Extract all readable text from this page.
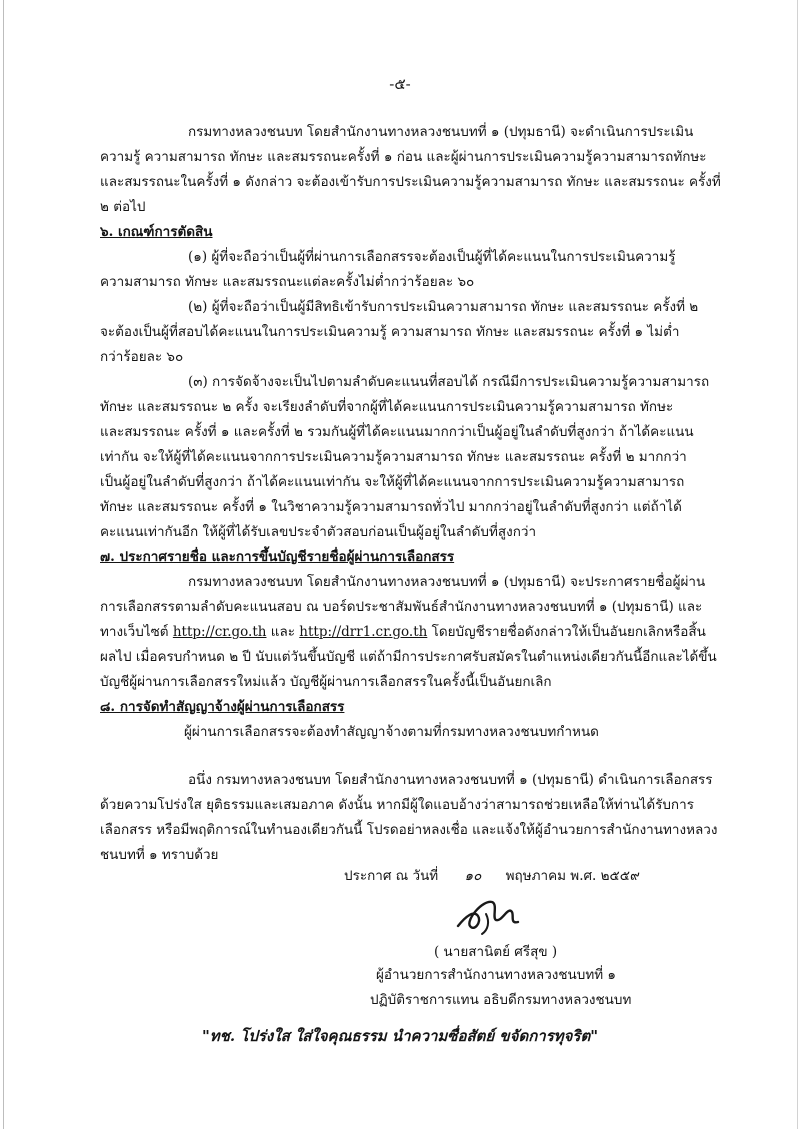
-๕-
กรมทางหลวงชนบท โดยสำนักงานทางหลวงชนบทที่ ๑ (ปทุมธานี) จะดำเนินการประเมิน
ความรู้ ความสามารถ ทักษะ และสมรรถนะครั้งที่ ๑ ก่อน และผู้ผ่านการประเมินความรู้ความสามารถทักษะ
และสมรรถนะในครั้งที่ ๑ ดังกล่าว จะต้องเข้ารับการประเมินความรู้ความสามารถ ทักษะ และสมรรถนะ ครั้งที่
๒ ต่อไป
๖. เกณฑ์การตัดสิน
(๑) ผู้ที่จะถือว่าเป็นผู้ที่ผ่านการเลือกสรรจะต้องเป็นผู้ที่ได้คะแนนในการประเมินความรู้
ความสามารถ ทักษะ และสมรรถนะแต่ละครั้งไม่ต่ำกว่าร้อยละ ๖๐
(๒) ผู้ที่จะถือว่าเป็นผู้มีสิทธิเข้ารับการประเมินความสามารถ ทักษะ และสมรรถนะ ครั้งที่ ๒
จะต้องเป็นผู้ที่สอบได้คะแนนในการประเมินความรู้ ความสามารถ ทักษะ และสมรรถนะ ครั้งที่ ๑ ไม่ต่ำ
กว่าร้อยละ ๖๐
(๓) การจัดจ้างจะเป็นไปตามลำดับคะแนนที่สอบได้ กรณีมีการประเมินความรู้ความสามารถ
ทักษะ และสมรรถนะ ๒ ครั้ง จะเรียงลำดับที่จากผู้ที่ได้คะแนนการประเมินความรู้ความสามารถ ทักษะ
และสมรรถนะ ครั้งที่ ๑ และครั้งที่ ๒ รวมกันผู้ที่ได้คะแนนมากกว่าเป็นผู้อยู่ในลำดับที่สูงกว่า ถ้าได้คะแนน
เท่ากัน จะให้ผู้ที่ได้คะแนนจากการประเมินความรู้ความสามารถ ทักษะ และสมรรถนะ ครั้งที่ ๒ มากกว่า
เป็นผู้อยู่ในลำดับที่สูงกว่า ถ้าได้คะแนนเท่ากัน จะให้ผู้ที่ได้คะแนนจากการประเมินความรู้ความสามารถ
ทักษะ และสมรรถนะ ครั้งที่ ๑ ในวิชาความรู้ความสามารถทั่วไป มากกว่าอยู่ในลำดับที่สูงกว่า แต่ถ้าได้
คะแนนเท่ากันอีก ให้ผู้ที่ได้รับเลขประจำตัวสอบก่อนเป็นผู้อยู่ในลำดับที่สูงกว่า
๗. ประกาศรายชื่อ และการขึ้นบัญชีรายชื่อผู้ผ่านการเลือกสรร
กรมทางหลวงชนบท โดยสำนักงานทางหลวงชนบทที่ ๑ (ปทุมธานี) จะประกาศรายชื่อผู้ผ่าน
การเลือกสรรตามลำดับคะแนนสอบ ณ บอร์ดประชาสัมพันธ์สำนักงานทางหลวงชนบทที่ ๑ (ปทุมธานี) และ
ทางเว็บไซต์ http://cr.go.th และ http://drr1.cr.go.th โดยบัญชีรายชื่อดังกล่าวให้เป็นอันยกเลิกหรือสิ้น
ผลไป เมื่อครบกำหนด ๒ ปี นับแต่วันขึ้นบัญชี แต่ถ้ามีการประกาศรับสมัครในตำแหน่งเดียวกันนี้อีกและได้ขึ้น
บัญชีผู้ผ่านการเลือกสรรใหม่แล้ว บัญชีผู้ผ่านการเลือกสรรในครั้งนี้เป็นอันยกเลิก
๘. การจัดทำสัญญาจ้างผู้ผ่านการเลือกสรร
ผู้ผ่านการเลือกสรรจะต้องทำสัญญาจ้างตามที่กรมทางหลวงชนบทกำหนด
อนึ่ง กรมทางหลวงชนบท โดยสำนักงานทางหลวงชนบทที่ ๑ (ปทุมธานี) ดำเนินการเลือกสรร
ด้วยความโปร่งใส ยุติธรรมและเสมอภาค ดังนั้น หากมีผู้ใดแอบอ้างว่าสามารถช่วยเหลือให้ท่านได้รับการ
เลือกสรร หรือมีพฤติการณ์ในทำนองเดียวกันนี้ โปรดอย่าหลงเชื่อ และแจ้งให้ผู้อำนวยการสำนักงานทางหลวง
ชนบทที่ ๑ ทราบด้วย
ประกาศ ณ วันที่ ๑๐ พฤษภาคม พ.ศ. ๒๕๕๙
( นายสานิตย์ ศรีสุข )
ผู้อำนวยการสำนักงานทางหลวงชนบทที่ ๑
ปฏิบัติราชการแทน อธิบดีกรมทางหลวงชนบท
"ทช. โปร่งใส ใส่ใจคุณธรรม นำความซื่อสัตย์ ขจัดการทุจริต"
